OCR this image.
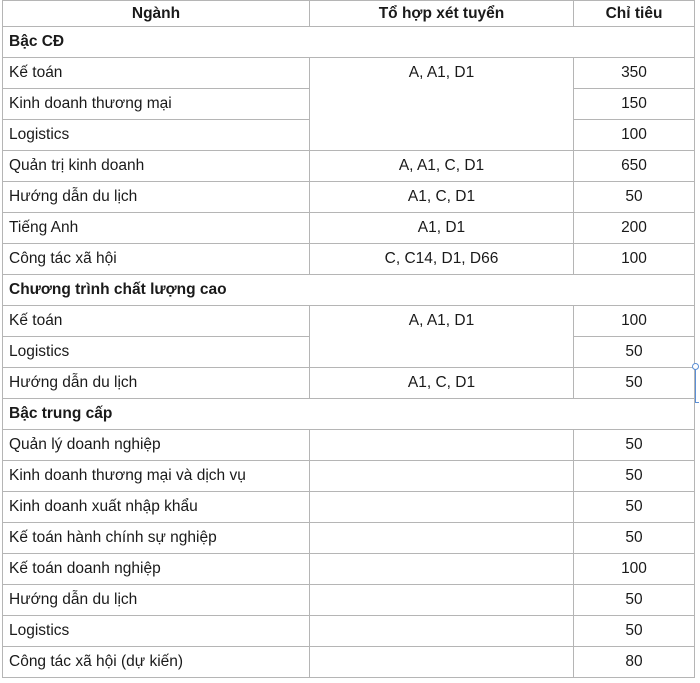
Ngành	Tổ hợp xét tuyển	Chỉ tiêu
Bậc CĐ		
Kế toán	A, A1, D1	350
Kinh doanh thương mại		150
Logistics		100
Quản trị kinh doanh	A, A1, C, D1	650
Hướng dẫn du lịch	A1, C, D1	50
Tiếng Anh	A1, D1	200
Công tác xã hội	C, C14, D1, D66	100
Chương trình chất lượng cao		
Kế toán	A, A1, D1	100
Logistics		50
Hướng dẫn du lịch	A1, C, D1	50
Bậc trung cấp		
Quản lý doanh nghiệp		50
Kinh doanh thương mại và dịch vụ		50
Kinh doanh xuất nhập khẩu		50
Kế toán hành chính sự nghiệp		50
Kế toán doanh nghiệp		100
Hướng dẫn du lịch		50
Logistics		50
Công tác xã hội (dự kiến)		80
